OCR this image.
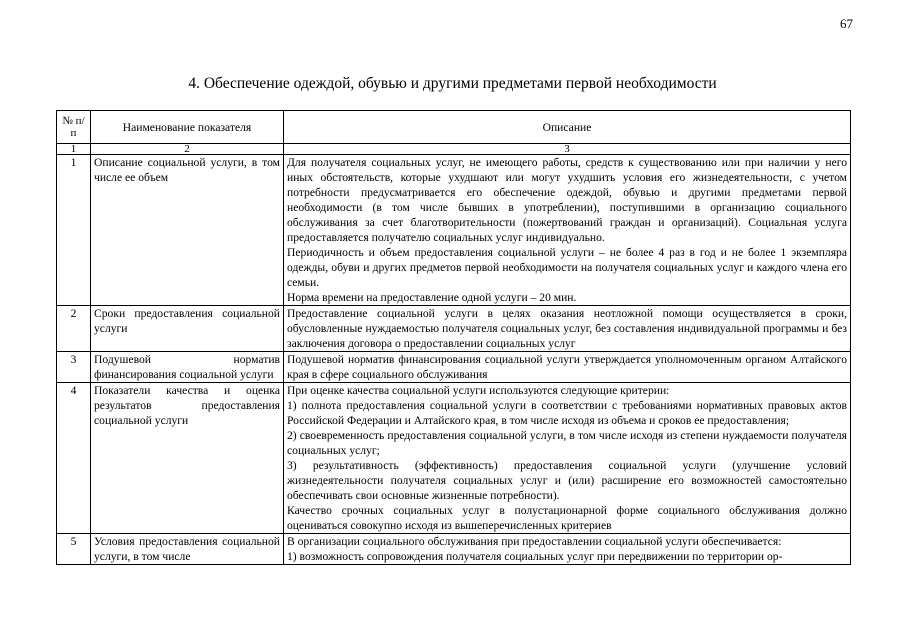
67
4. Обеспечение одеждой, обувью и другими предметами первой необходимости
№ п/п	Наименование показателя	Описание
1	2	3
1	Описание социальной услуги, в том числе ее объем	Для получателя социальных услуг, не имеющего работы, средств к существованию или при наличии у него иных обстоятельств, которые ухудшают или могут ухудшить условия его жизнедеятельности, с учетом потребности предусматривается его обеспечение одеждой, обувью и другими предметами первой необходимости (в том числе бывших в употреблении), поступившими в организацию социального обслуживания за счет благотворительности (пожертвований граждан и организаций). Социальная услуга предоставляется получателю социальных услуг индивидуально.

Периодичность и объем предоставления социальной услуги – не более 4 раз в год и не более 1 экземпляра одежды, обуви и других предметов первой необходимости на получателя социальных услуг и каждого члена его семьи.

Норма времени на предоставление одной услуги – 20 мин.

2	Сроки предоставления социальной услуги	Предоставление социальной услуги в целях оказания неотложной помощи осуществляется в сроки, обусловленные нуждаемостью получателя социальных услуг, без составления индивидуальной программы и без заключения договора о предоставлении социальных услуг

3	Подушевой норматив финансирования социальной услуги	Подушевой норматив финансирования социальной услуги утверждается уполномоченным органом Алтайского края в сфере социального обслуживания

4	Показатели качества и оценка результатов предоставления социальной услуги	При оценке качества социальной услуги используются следующие критерии:

1) полнота предоставления социальной услуги в соответствии с требованиями нормативных правовых актов Российской Федерации и Алтайского края, в том числе исходя из объема и сроков ее предоставления;

2) своевременность предоставления социальной услуги, в том числе исходя из степени нуждаемости получателя социальных услуг;

3) результативность (эффективность) предоставления социальной услуги (улучшение условий жизнедеятельности получателя социальных услуг и (или) расширение его возможностей самостоятельно обеспечивать свои основные жизненные потребности).

Качество срочных социальных услуг в полустационарной форме социального обслуживания должно оцениваться совокупно исходя из вышеперечисленных критериев

5	Условия предоставления социальной услуги, в том числе	В организации социального обслуживания при предоставлении социальной услуги обеспечивается:

1) возможность сопровождения получателя социальных услуг при передвижении по территории ор-
